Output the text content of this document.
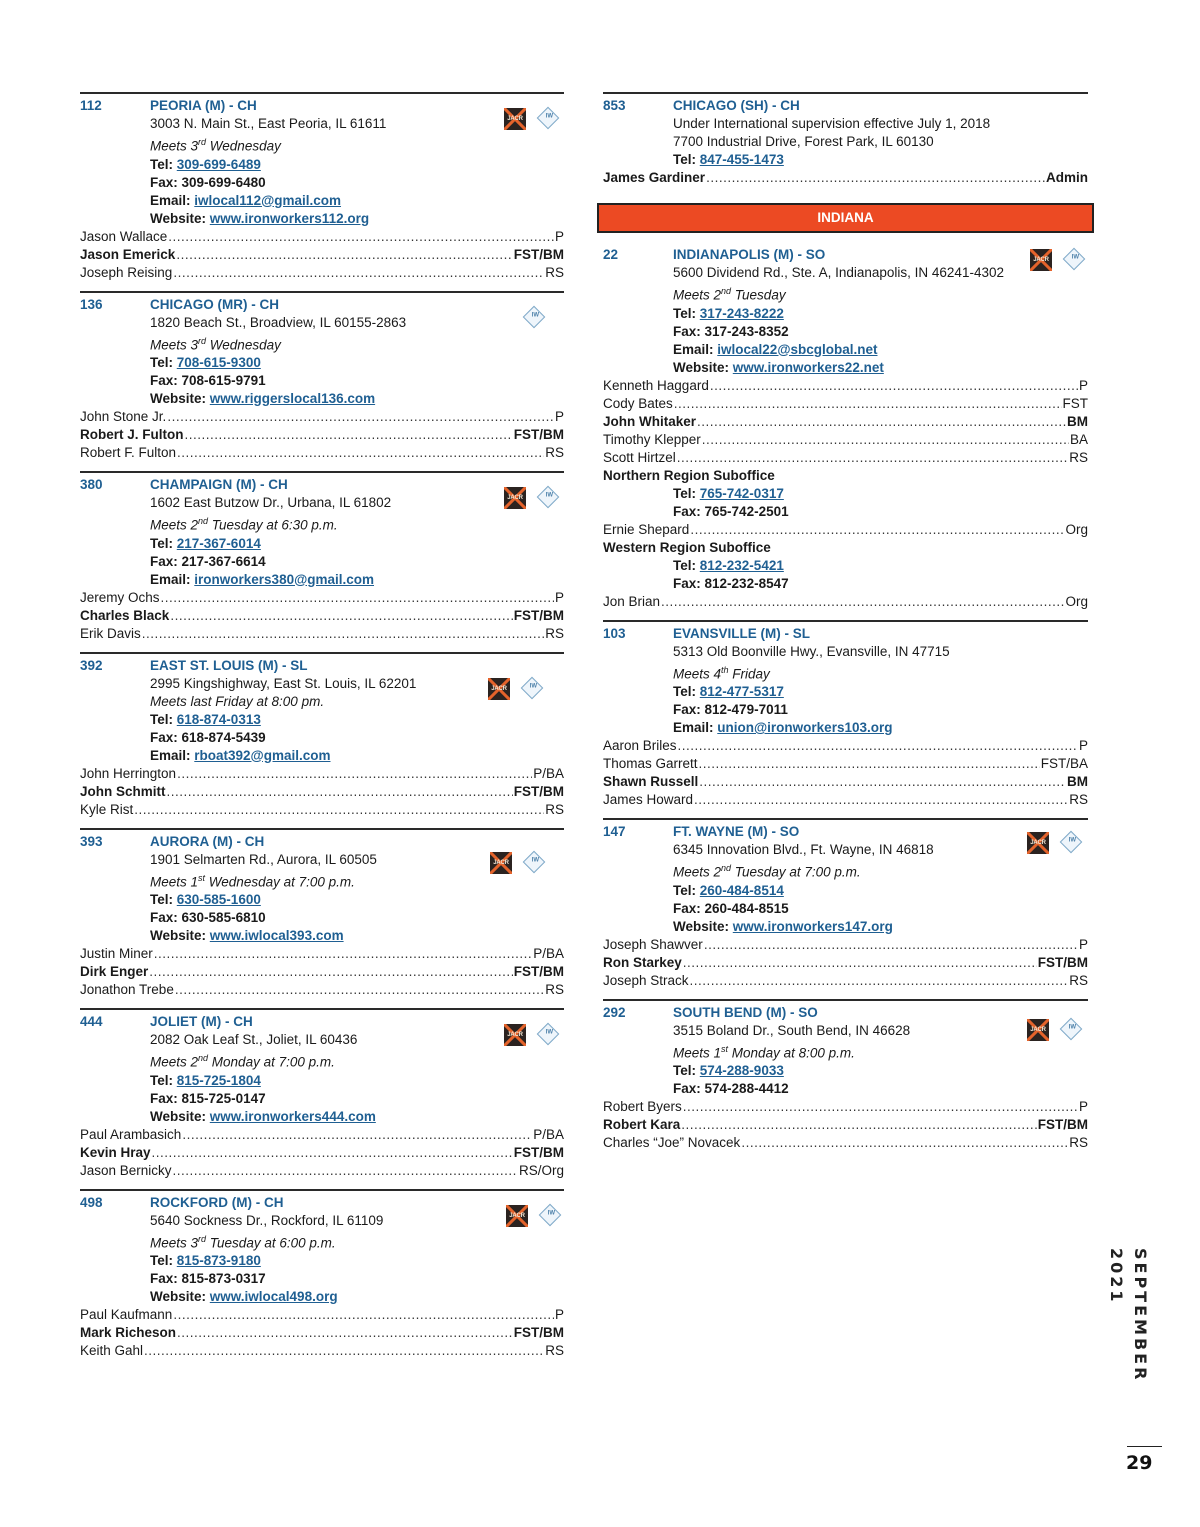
112	PEORIA (M) - CH
JACR	IW
3003 N. Main St., East Peoria, IL 61611
Meets 3rd Wednesday
Tel: 309-699-6489
Fax: 309-699-6480
Email: iwlocal112@gmail.com
Website: www.ironworkers112.org
Jason Wallace .....	P
Jason Emerick .....	FST/BM
Joseph Reising .....	RS
136	CHICAGO (MR) - CH
IW
1820 Beach St., Broadview, IL 60155-2863
Meets 3rd Wednesday
Tel: 708-615-9300
Fax: 708-615-9791
Website: www.riggerslocal136.com
John Stone Jr. .....	P
Robert J. Fulton .....	FST/BM
Robert F. Fulton .....	RS
380	CHAMPAIGN (M) - CH
JACR	IW
1602 East Butzow Dr., Urbana, IL 61802
Meets 2nd Tuesday at 6:30 p.m.
Tel: 217-367-6014
Fax: 217-367-6614
Email: ironworkers380@gmail.com
Jeremy Ochs .....	P
Charles Black .....	FST/BM
Erik Davis .....	RS
392	EAST ST. LOUIS (M) - SL
JACR	IW
2995 Kingshighway, East St. Louis, IL 62201
Meets last Friday at 8:00 pm.
Tel: 618-874-0313
Fax: 618-874-5439
Email: rboat392@gmail.com
John Herrington .....	P/BA
John Schmitt .....	FST/BM
Kyle Rist .....	RS
393	AURORA (M) - CH
JACR	IW
1901 Selmarten Rd., Aurora, IL 60505
Meets 1st Wednesday at 7:00 p.m.
Tel: 630-585-1600
Fax: 630-585-6810
Website: www.iwlocal393.com
Justin Miner .....	P/BA
Dirk Enger .....	FST/BM
Jonathon Trebe .....	RS
444	JOLIET (M) - CH
JACR	IW
2082 Oak Leaf St., Joliet, IL 60436
Meets 2nd Monday at 7:00 p.m.
Tel: 815-725-1804
Fax: 815-725-0147
Website: www.ironworkers444.com
Paul Arambasich .....	P/BA
Kevin Hray .....	FST/BM
Jason Bernicky .....	RS/Org
498	ROCKFORD (M) - CH
JACR	IW
5640 Sockness Dr., Rockford, IL 61109
Meets 3rd Tuesday at 6:00 p.m.
Tel: 815-873-9180
Fax: 815-873-0317
Website: www.iwlocal498.org
Paul Kaufmann .....	P
Mark Richeson .....	FST/BM
Keith Gahl .....	RS
853	CHICAGO (SH) - CH
Under International supervision effective July 1, 2018
7700 Industrial Drive, Forest Park, IL 60130
Tel: 847-455-1473
James Gardiner .....	Admin
INDIANA
22	INDIANAPOLIS (M) - SO	JACR	IW
5600 Dividend Rd., Ste. A, Indianapolis, IN 46241-4302
Meets 2nd Tuesday
Tel: 317-243-8222
Fax: 317-243-8352
Email: iwlocal22@sbcglobal.net
Website: www.ironworkers22.net
Kenneth Haggard .....	P
Cody Bates .....	FST
John Whitaker .....	BM
Timothy Klepper .....	BA
Scott Hirtzel .....	RS
Northern Region Suboffice
Tel: 765-742-0317
Fax: 765-742-2501
Ernie Shepard .....	Org
Western Region Suboffice
Tel: 812-232-5421
Fax: 812-232-8547
Jon Brian .....	Org
103	EVANSVILLE (M) - SL
5313 Old Boonville Hwy., Evansville, IN 47715
Meets 4th Friday
Tel: 812-477-5317
Fax: 812-479-7011
Email: union@ironworkers103.org
Aaron Briles .....	P
Thomas Garrett .....	FST/BA
Shawn Russell .....	BM
James Howard .....	RS
147	FT. WAYNE (M) - SO
JACR	IW
6345 Innovation Blvd., Ft. Wayne, IN 46818
Meets 2nd Tuesday at 7:00 p.m.
Tel: 260-484-8514
Fax: 260-484-8515
Website: www.ironworkers147.org
Joseph Shawver .....	P
Ron Starkey .....	FST/BM
Joseph Strack .....	RS
292	SOUTH BEND (M) - SO
JACR	IW
3515 Boland Dr., South Bend, IN 46628
Meets 1st Monday at 8:00 p.m.
Tel: 574-288-9033
Fax: 574-288-4412
Robert Byers .....	P
Robert Kara .....	FST/BM
Charles “Joe” Novacek .....	RS
SEPTEMBER 2021
29
